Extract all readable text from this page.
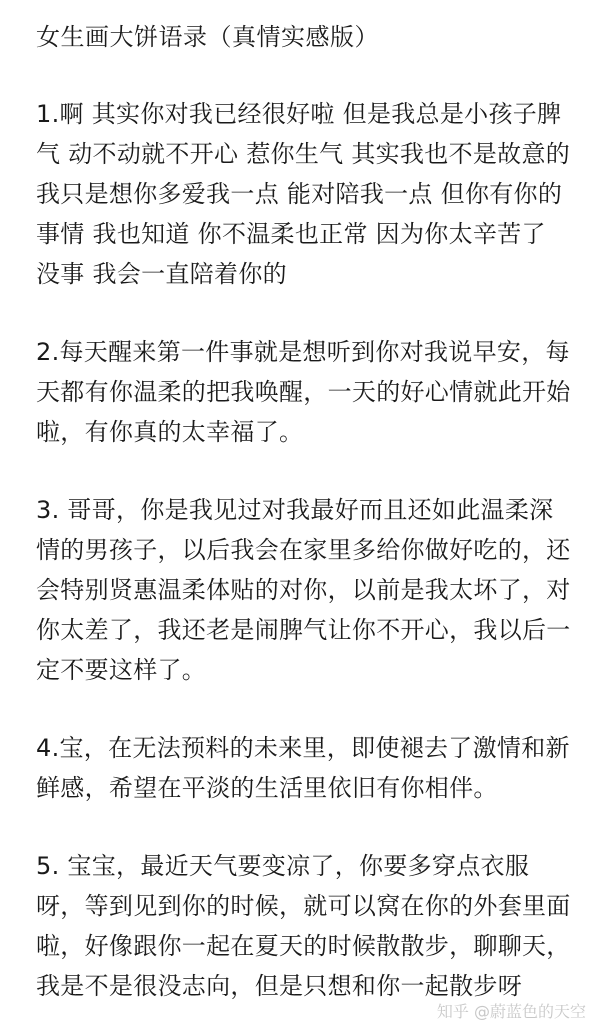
女生画大饼语录（真情实感版）

1.啊 其实你对我已经很好啦 但是我总是小孩子脾气 动不动就不开心 惹你生气 其实我也不是故意的 我只是想你多爱我一点 能对陪我一点 但你有你的事情 我也知道 你不温柔也正常 因为你太辛苦了 没事 我会一直陪着你的

2.每天醒来第一件事就是想听到你对我说早安，每天都有你温柔的把我唤醒，一天的好心情就此开始啦，有你真的太幸福了。

3. 哥哥，你是我见过对我最好而且还如此温柔深情的男孩子，以后我会在家里多给你做好吃的，还会特别贤惠温柔体贴的对你，以前是我太坏了，对你太差了，我还老是闹脾气让你不开心，我以后一定不要这样了。

4.宝，在无法预料的未来里，即使褪去了激情和新鲜感，希望在平淡的生活里依旧有你相伴。

5. 宝宝，最近天气要变凉了，你要多穿点衣服呀，等到见到你的时候，就可以窝在你的外套里面啦，好像跟你一起在夏天的时候散散步，聊聊天，我是不是很没志向，但是只想和你一起散步呀

知乎 @蔚蓝色的天空
